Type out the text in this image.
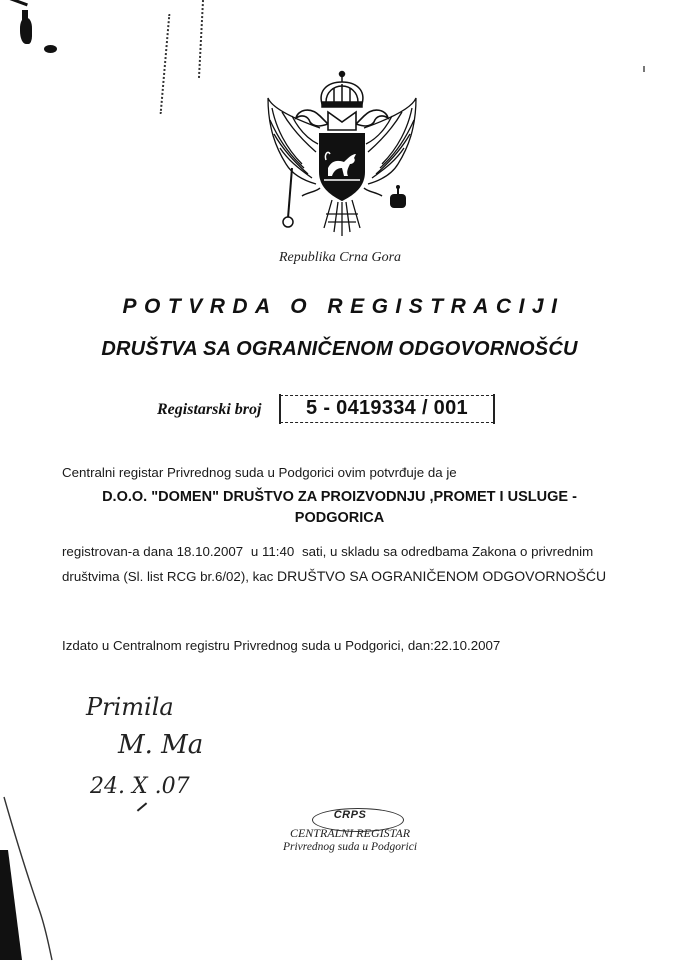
Republika Crna Gora
POTVRDA O REGISTRACIJI
DRUŠTVA SA OGRANIČENOM ODGOVORNOŠĆU
Registarski broj	5 - 0419334 / 001
Centralni registar Privrednog suda u Podgorici ovim potvrđuje da je
D.O.O. "DOMEN" DRUŠTVO ZA PROIZVODNJU ,PROMET I USLUGE -
PODGORICA
registrovan-a dana 18.10.2007 u 11:40 sati, u skladu sa odredbama Zakona o privrednim
društvima (Sl. list RCG br.6/02), kac DRUŠTVO SA OGRANIČENOM ODGOVORNOŠĆU
Izdato u Centralnom registru Privrednog suda u Podgorici, dan:22.10.2007
Primila
M. Ma
24. X .07
CRPS
CENTRALNI REGISTAR
Privrednog suda u Podgorici
